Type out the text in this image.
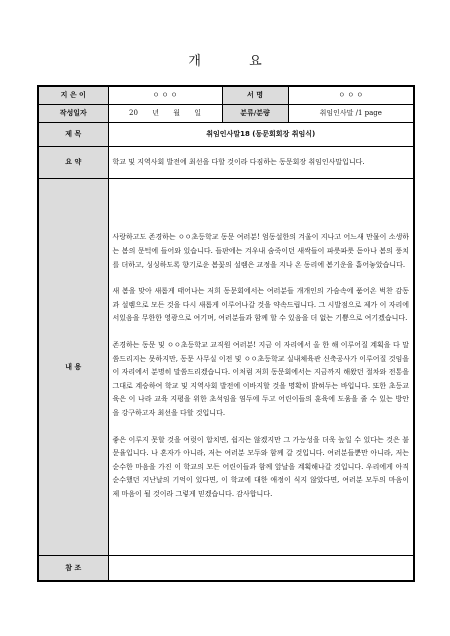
개 요
지 은 이	ㅇ ㅇ ㅇ	서 명	ㅇ ㅇ ㅇ
작성일자	20 년 월 일	분류/분량	취임인사말 /1 page
제 목	취임인사말18 (동문회회장 취임식)		
요 약	학교 및 지역사회 발전에 최선을 다할 것이라 다짐하는 동문회장 취임인사말입니다.		
내 용	사랑하고도 존경하는 ㅇㅇ초등학교 동문 여러분! 엄동설한의 겨울이 지나고 어느새 만물이 소생하는 봄의 문턱에 들어와 있습니다. 들판에는 겨우내 숨죽이던 새싹들이 파릇파릇 돋아나 봄의 풍치를 더하고, 싱싱하도록 향기로운 봄꽃의 설렘은 교정을 지나 온 동리에 봄기운을 흩어놓았습니다.

새 봄을 맞아 새롭게 태어나는 저희 동문회에서는 여러분들 개개인의 가슴속에 품어온 벅찬 감동과 설렘으로 모든 것을 다시 새롭게 이루어나갈 것을 약속드립니다. 그 시발점으로 제가 이 자리에 서있음을 무한한 영광으로 여기며, 여러분들과 함께 할 수 있음을 더 없는 기쁨으로 여기겠습니다.

존경하는 동문 및 ㅇㅇ초등학교 교직원 여러분! 지금 이 자리에서 올 한 해 이루어질 계획을 다 말씀드리지는 못하지만, 동문 사무실 이전 및 ㅇㅇ초등학교 실내체육관 신축공사가 이루어질 것임을 이 자리에서 분명히 말씀드리겠습니다. 이처럼 저희 동문회에서는 지금까지 해왔던 절차와 전통을 그대로 계승하여 학교 및 지역사회 발전에 이바지할 것을 명확히 밝혀두는 바입니다. 또한 초등교육은 이 나라 교육 지평을 위한 초석임을 염두에 두고 어린이들의 훈육에 도움을 줄 수 있는 방안을 강구하고자 최선을 다할 것입니다.

좋은 이루지 못할 것을 여럿이 합치면, 쉽지는 않겠지만 그 가능성을 더욱 높일 수 있다는 것은 불문율입니다. 나 혼자가 아니라, 저는 여러분 모두와 함께 갈 것입니다. 여러분들뿐만 아니라, 저는 순수한 마음을 가진 이 학교의 모든 어린이들과 함께 앞날을 계획해나갈 것입니다. 우리에게 아직 순수했던 지난날의 기억이 있다면, 이 학교에 대한 애정이 식지 않았다면, 여러분 모두의 마음이 제 마음이 될 것이라 그렇게 믿겠습니다. 감사합니다.		

참 조			
